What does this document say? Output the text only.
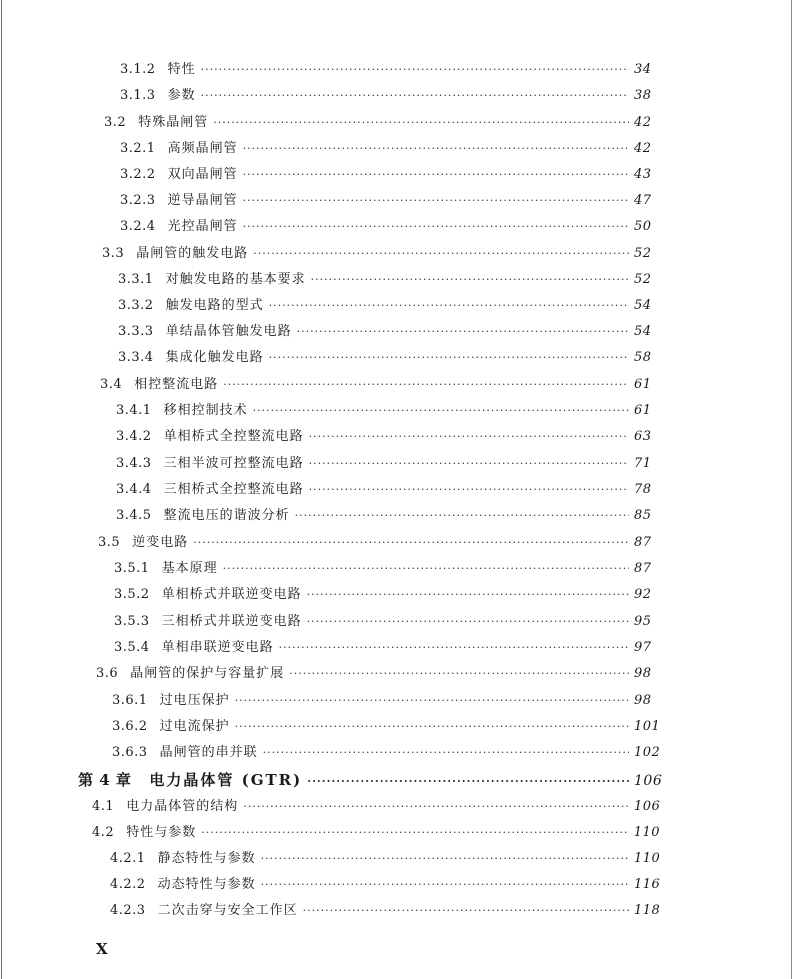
3.1.2 特性 ·····	34
3.1.3 参数 ·····	38
3.2 特殊晶闸管 ·····	42
3.2.1 高频晶闸管 ·····	42
3.2.2 双向晶闸管 ·····	43
3.2.3 逆导晶闸管 ·····	47
3.2.4 光控晶闸管 ·····	50
3.3 晶闸管的触发电路 ·····	52
3.3.1 对触发电路的基本要求 ·····	52
3.3.2 触发电路的型式 ·····	54
3.3.3 单结晶体管触发电路 ·····	54
3.3.4 集成化触发电路 ·····	58
3.4 相控整流电路 ·····	61
3.4.1 移相控制技术 ·····	61
3.4.2 单相桥式全控整流电路 ·····	63
3.4.3 三相半波可控整流电路 ·····	71
3.4.4 三相桥式全控整流电路 ·····	78
3.4.5 整流电压的谐波分析 ·····	85
3.5 逆变电路 ·····	87
3.5.1 基本原理 ·····	87
3.5.2 单相桥式并联逆变电路 ·····	92
3.5.3 三相桥式并联逆变电路 ·····	95
3.5.4 单相串联逆变电路 ·····	97
3.6 晶闸管的保护与容量扩展 ·····	98
3.6.1 过电压保护 ·····	98
3.6.2 过电流保护 ·····	101
3.6.3 晶闸管的串并联 ·····	102
第 4 章 电力晶体管 (GTR) ·····	106
4.1 电力晶体管的结构 ·····	106
4.2 特性与参数 ·····	110
4.2.1 静态特性与参数 ·····	110
4.2.2 动态特性与参数 ·····	116
4.2.3 二次击穿与安全工作区 ·····	118
X
